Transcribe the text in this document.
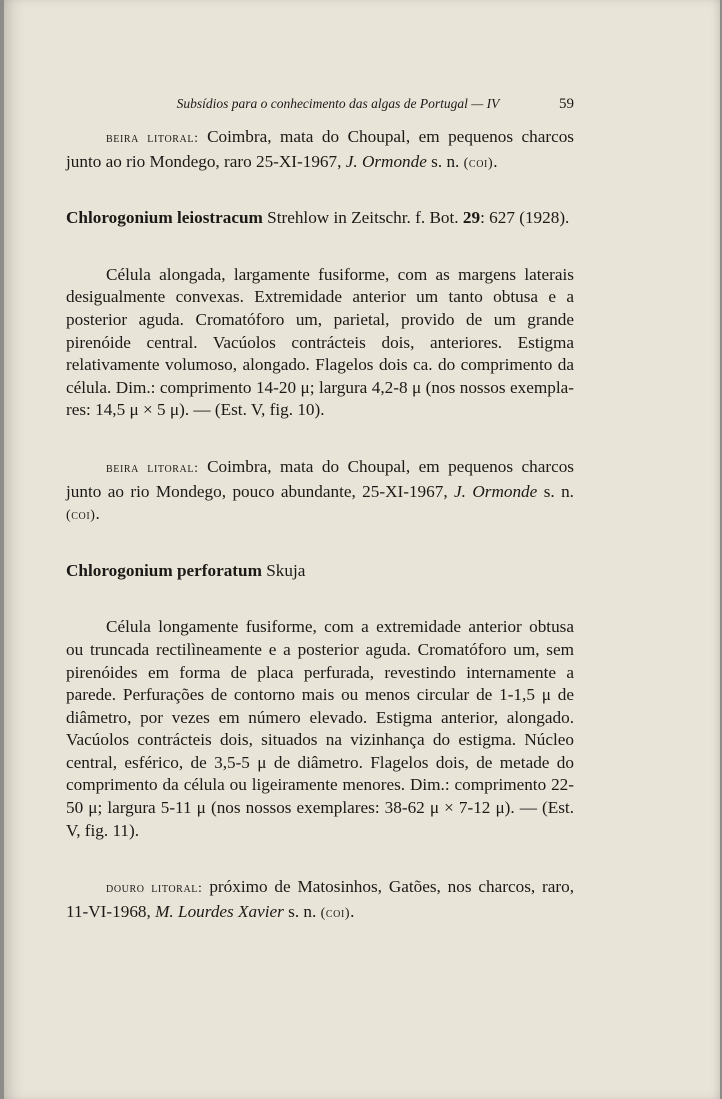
Subsídios para o conhecimento das algas de Portugal — IV	59

beira litoral: Coimbra, mata do Choupal, em pequenos charcos junto ao rio Mondego, raro 25-XI-1967, J. Ormonde s. n. (coi).

Chlorogonium leiostracum Strehlow in Zeitschr. f. Bot. 29: 627 (1928).

Célula alongada, largamente fusiforme, com as margens laterais desigualmente convexas. Extremidade anterior um tanto obtusa e a posterior aguda. Cromatóforo um, parietal, provido de um grande pirenóide central. Vacúolos contrácteis dois, anteriores. Estigma relativamente volumoso, alongado. Flagelos dois ca. do comprimento da célula. Dim.: comprimento 14-20 μ; largura 4,2-8 μ (nos nossos exemplares: 14,5 μ × 5 μ). — (Est. V, fig. 10).

beira litoral: Coimbra, mata do Choupal, em pequenos charcos junto ao rio Mondego, pouco abundante, 25-XI-1967, J. Ormonde s. n. (coi).

Chlorogonium perforatum Skuja

Célula longamente fusiforme, com a extremidade anterior obtusa ou truncada rectilìneamente e a posterior aguda. Cromatóforo um, sem pirenóides em forma de placa perfurada, revestindo internamente a parede. Perfurações de contorno mais ou menos circular de 1-1,5 μ de diâmetro, por vezes em número elevado. Estigma anterior, alongado. Vacúolos contrácteis dois, situados na vizinhança do estigma. Núcleo central, esférico, de 3,5-5 μ de diâmetro. Flagelos dois, de metade do comprimento da célula ou ligeiramente menores. Dim.: comprimento 22-50 μ; largura 5-11 μ (nos nossos exemplares: 38-62 μ × 7-12 μ). — (Est. V, fig. 11).

douro litoral: próximo de Matosinhos, Gatões, nos charcos, raro, 11-VI-1968, M. Lourdes Xavier s. n. (coi).
